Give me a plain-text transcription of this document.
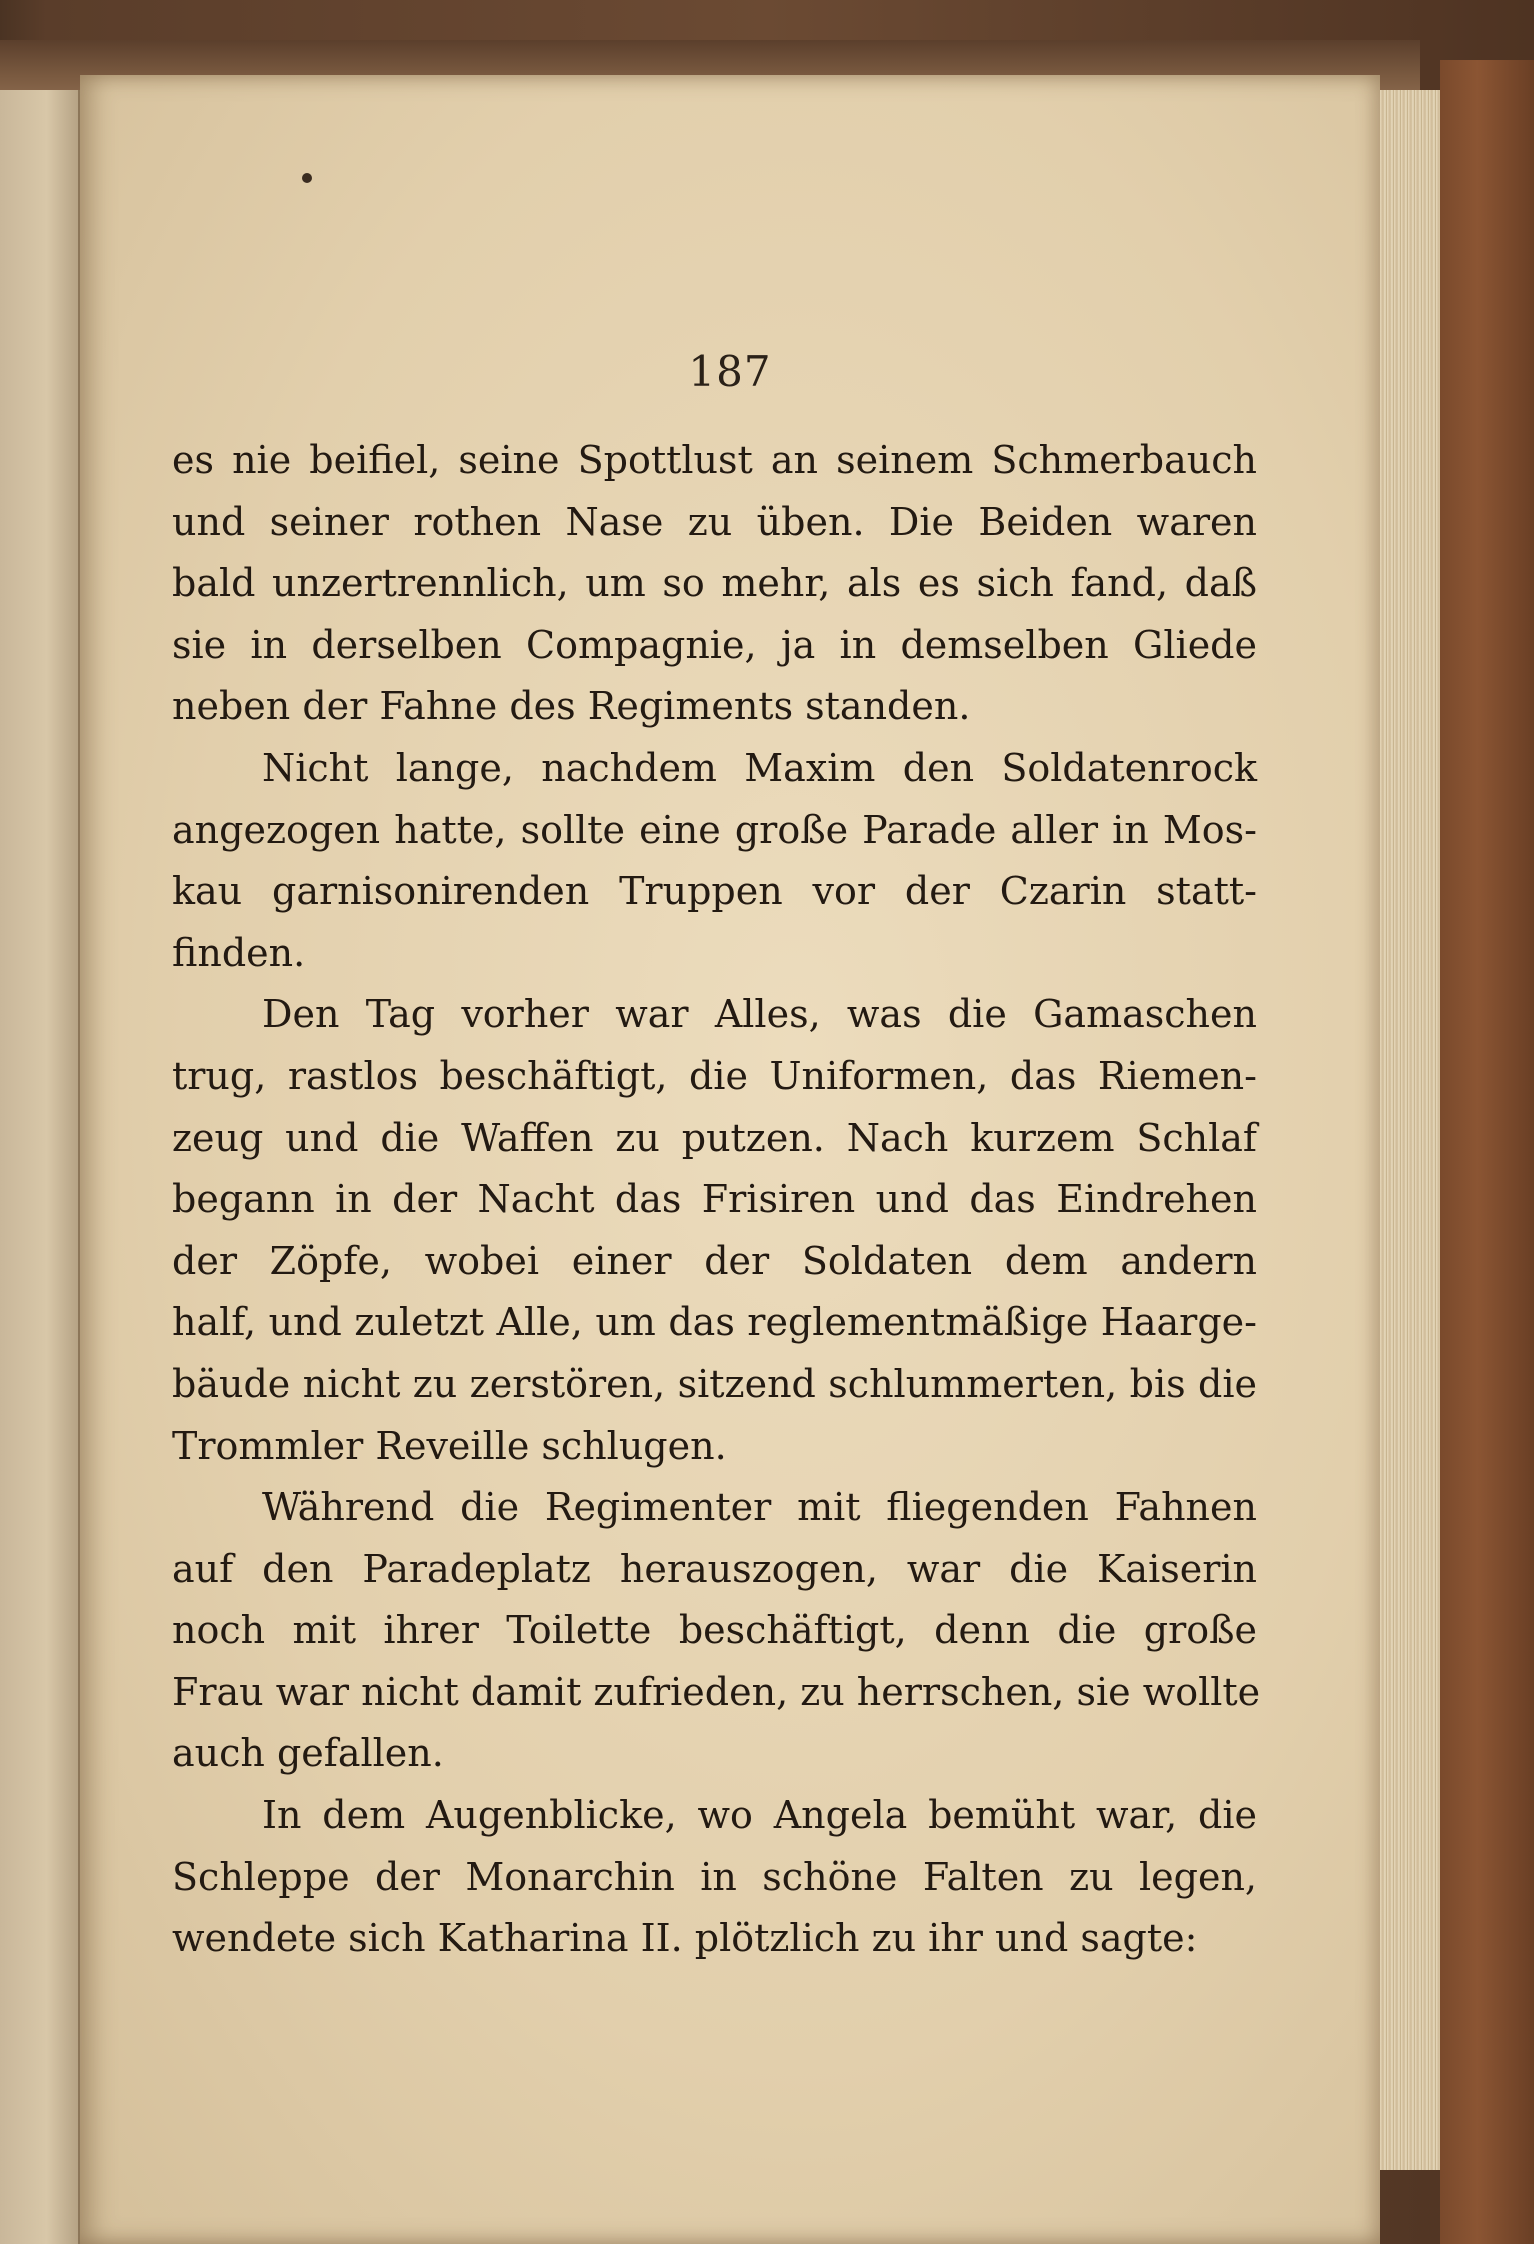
187
es nie beifiel, seine Spottlust an seinem Schmerbauch
und seiner rothen Nase zu üben. Die Beiden waren
bald unzertrennlich, um so mehr, als es sich fand, daß
sie in derselben Compagnie, ja in demselben Gliede
neben der Fahne des Regiments standen.
Nicht lange, nachdem Maxim den Soldatenrock
angezogen hatte, sollte eine große Parade aller in Mos-
kau garnisonirenden Truppen vor der Czarin statt-
finden.
Den Tag vorher war Alles, was die Gamaschen
trug, rastlos beschäftigt, die Uniformen, das Riemen-
zeug und die Waffen zu putzen. Nach kurzem Schlaf
begann in der Nacht das Frisiren und das Eindrehen
der Zöpfe, wobei einer der Soldaten dem andern
half, und zuletzt Alle, um das reglementmäßige Haarge-
bäude nicht zu zerstören, sitzend schlummerten, bis die
Trommler Reveille schlugen.
Während die Regimenter mit fliegenden Fahnen
auf den Paradeplatz herauszogen, war die Kaiserin
noch mit ihrer Toilette beschäftigt, denn die große
Frau war nicht damit zufrieden, zu herrschen, sie wollte
auch gefallen.
In dem Augenblicke, wo Angela bemüht war, die
Schleppe der Monarchin in schöne Falten zu legen,
wendete sich Katharina II. plötzlich zu ihr und sagte:
